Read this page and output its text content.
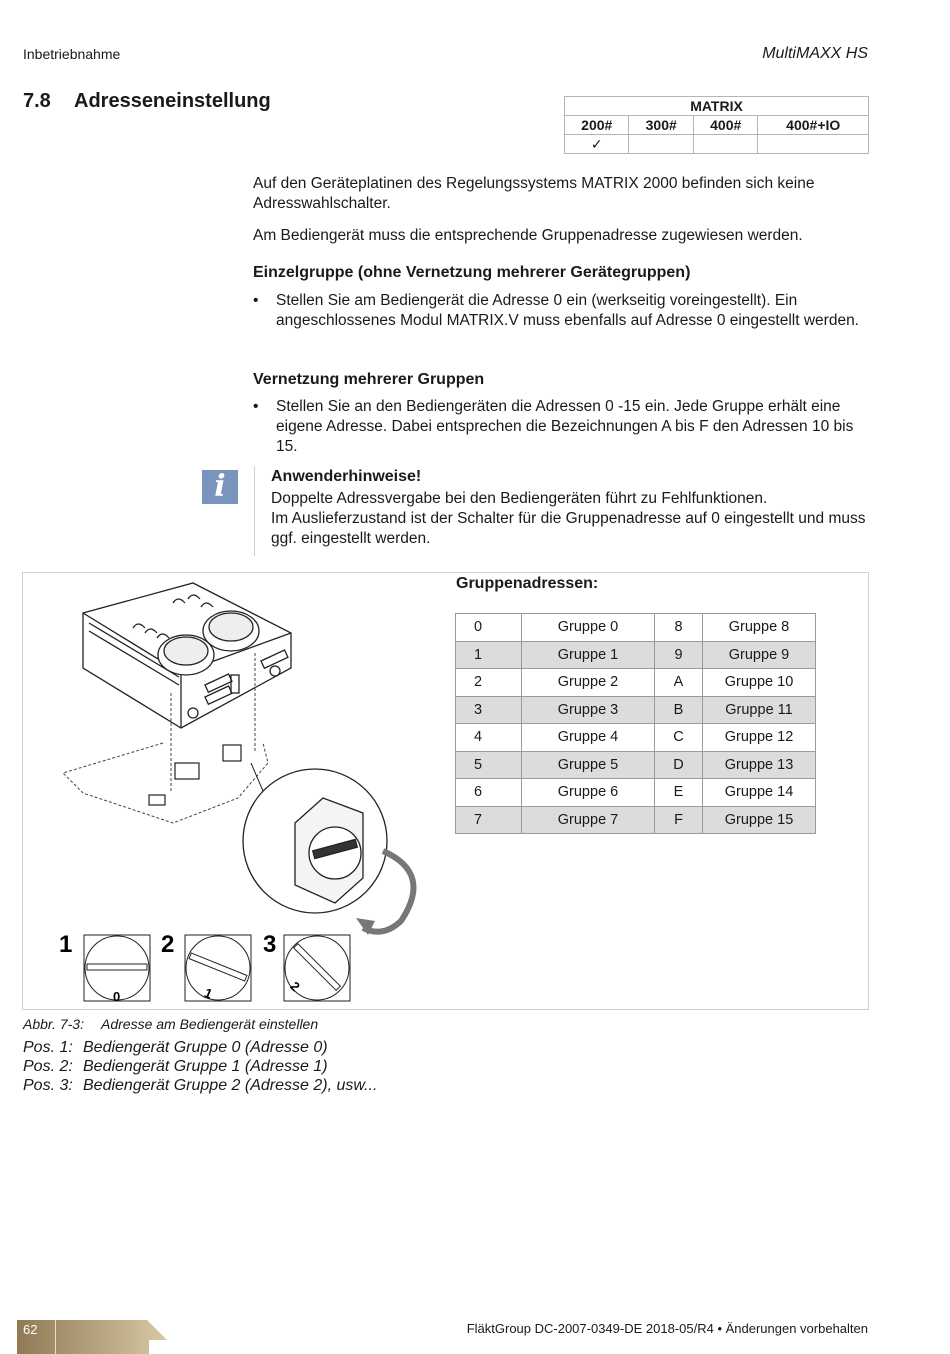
Inbetriebnahme	MultiMAXX HS
7.8 Adresseneinstellung	MATRIX			
200#	300#	400#	400#+IO
✓			
Auf den Geräteplatinen des Regelungssystems MATRIX 2000 befinden sich keine Adresswahlschalter.
Am Bediengerät muss die entsprechende Gruppenadresse zugewiesen werden.
Einzelgruppe (ohne Vernetzung mehrerer Gerätegruppen)
• Stellen Sie am Bediengerät die Adresse 0 ein (werkseitig voreingestellt). Ein angeschlossenes Modul MATRIX.V muss ebenfalls auf Adresse 0 eingestellt werden.
Vernetzung mehrerer Gruppen
• Stellen Sie an den Bediengeräten die Adressen 0 -15 ein. Jede Gruppe erhält eine eigene Adresse. Dabei entsprechen die Bezeichnungen A bis F den Adressen 10 bis 15.
i	Anwenderhinweise!
Doppelte Adressvergabe bei den Bediengeräten führt zu Fehlfunktionen.
Im Auslieferzustand ist der Schalter für die Gruppenadresse auf 0 eingestellt und muss ggf. eingestellt werden.
1	2	3
0	1	2
Gruppenadressen:
0	Gruppe 0	8	Gruppe 8
1	Gruppe 1	9	Gruppe 9
2	Gruppe 2	A	Gruppe 10
3	Gruppe 3	B	Gruppe 11
4	Gruppe 4	C	Gruppe 12
5	Gruppe 5	D	Gruppe 13
6	Gruppe 6	E	Gruppe 14
7	Gruppe 7	F	Gruppe 15
Abbr. 7-3: Adresse am Bediengerät einstellen
Pos. 1: Bediengerät Gruppe 0 (Adresse 0)
Pos. 2: Bediengerät Gruppe 1 (Adresse 1)
Pos. 3: Bediengerät Gruppe 2 (Adresse 2), usw...
62	FläktGroup DC-2007-0349-DE 2018-05/R4 • Änderungen vorbehalten
